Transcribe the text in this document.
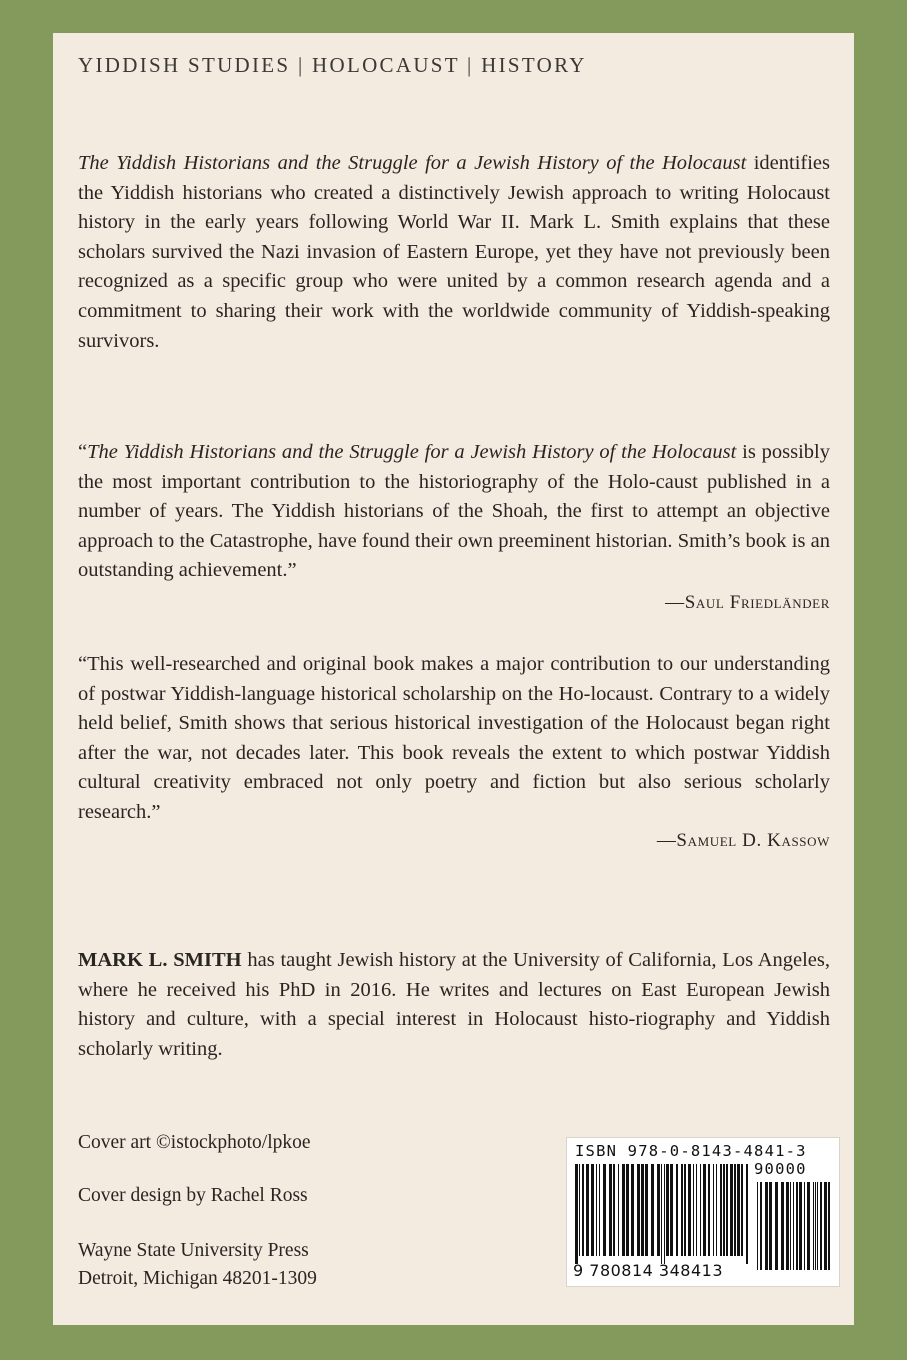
YIDDISH STUDIES | HOLOCAUST | HISTORY

The Yiddish Historians and the Struggle for a Jewish History of the Holocaust identifies the Yiddish historians who created a distinctively Jewish approach to writing Holocaust history in the early years following World War II. Mark L. Smith explains that these scholars survived the Nazi invasion of Eastern Europe, yet they have not previously been recognized as a specific group who were united by a common research agenda and a commitment to sharing their work with the worldwide community of Yiddish-speaking survivors.

“The Yiddish Historians and the Struggle for a Jewish History of the Holocaust is possibly the most important contribution to the historiography of the Holo-caust published in a number of years. The Yiddish historians of the Shoah, the first to attempt an objective approach to the Catastrophe, have found their own preeminent historian. Smith’s book is an outstanding achievement.”

—Saul Friedländer

“This well-researched and original book makes a major contribution to our understanding of postwar Yiddish-language historical scholarship on the Ho-locaust. Contrary to a widely held belief, Smith shows that serious historical investigation of the Holocaust began right after the war, not decades later. This book reveals the extent to which postwar Yiddish cultural creativity embraced not only poetry and fiction but also serious scholarly research.”

—Samuel D. Kassow

MARK L. SMITH has taught Jewish history at the University of California, Los Angeles, where he received his PhD in 2016. He writes and lectures on East European Jewish history and culture, with a special interest in Holocaust histo-riography and Yiddish scholarly writing.

Cover art ©istockphoto/lpkoe
Cover design by Rachel Ross
Wayne State University Press
Detroit, Michigan 48201-1309
ISBN 978-0-8143-4841-3
90000
9 780814 348413
